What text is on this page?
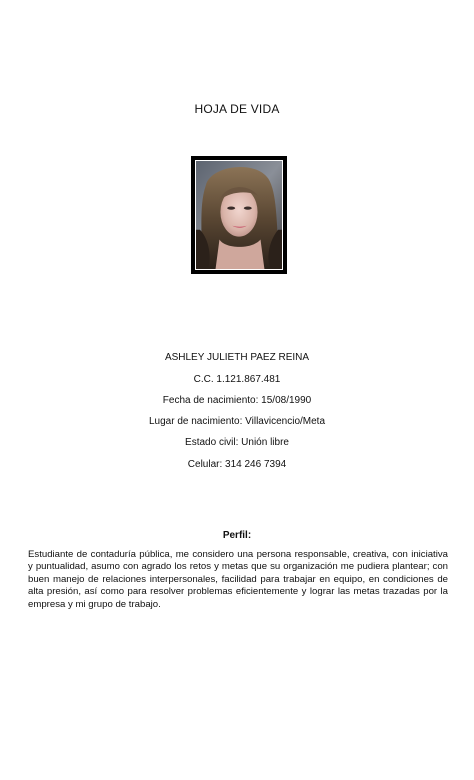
HOJA DE VIDA
ASHLEY JULIETH PAEZ REINA
C.C. 1.121.867.481
Fecha de nacimiento: 15/08/1990
Lugar de nacimiento: Villavicencio/Meta
Estado civil: Unión libre
Celular: 314 246 7394
Perfil:
Estudiante de contaduría pública, me considero una persona responsable, creativa, con iniciativa y puntualidad, asumo con agrado los retos y metas que su organización me pudiera plantear; con buen manejo de relaciones interpersonales, facilidad para trabajar en equipo, en condiciones de alta presión, así como para resolver problemas eficientemente y lograr las metas trazadas por la empresa y mi grupo de trabajo.
